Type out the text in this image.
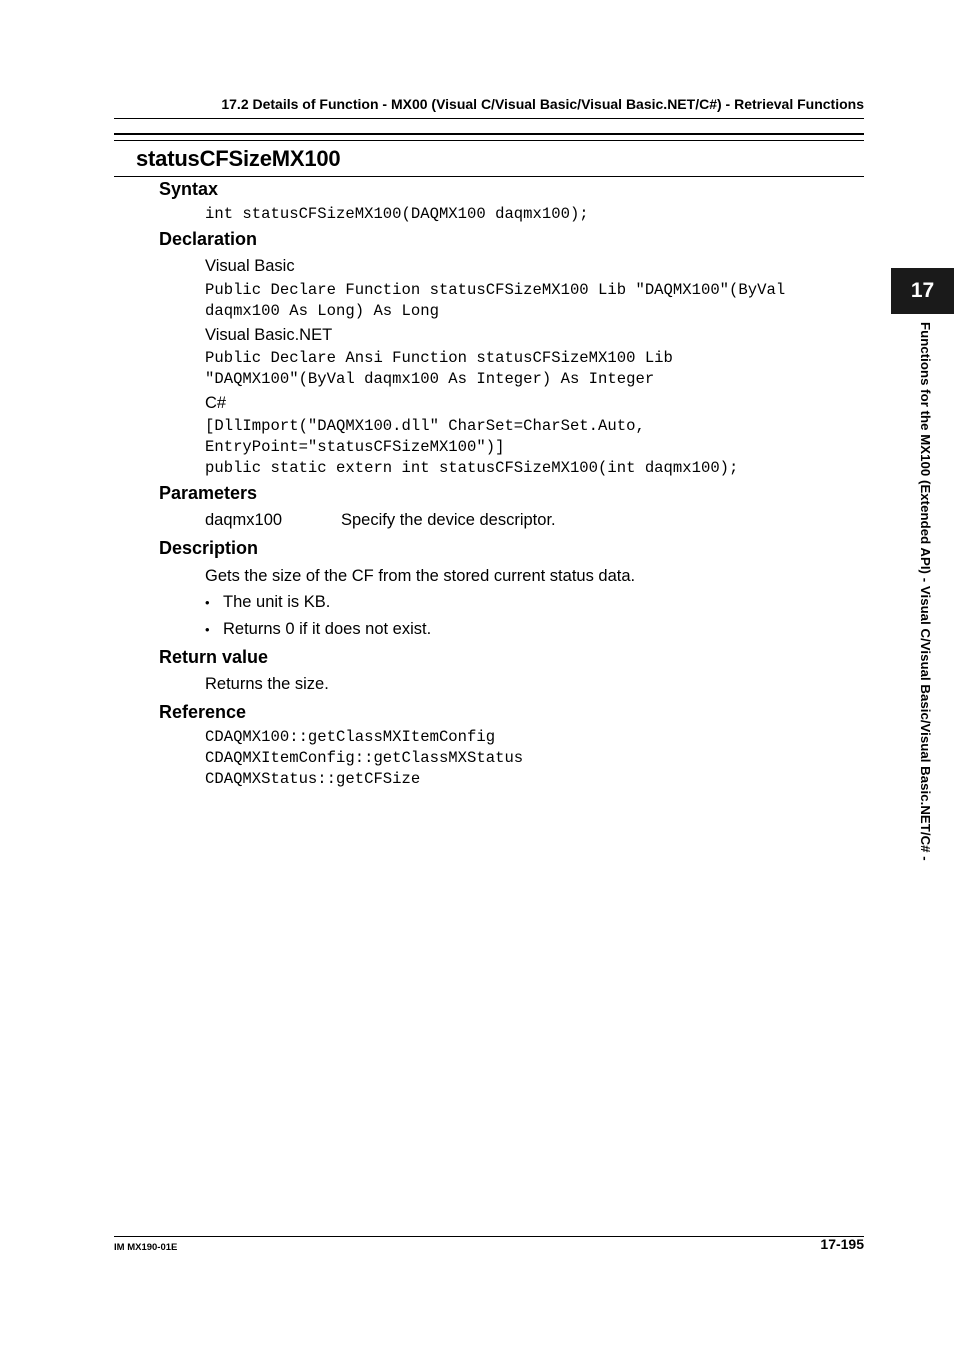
17.2 Details of Function - MX00 (Visual C/Visual Basic/Visual Basic.NET/C#) - Retrieval Functions
statusCFSizeMX100
Syntax
int statusCFSizeMX100(DAQMX100 daqmx100);
Declaration
Visual Basic
Public Declare Function statusCFSizeMX100 Lib "DAQMX100"(ByVal
daqmx100 As Long) As Long
Visual Basic.NET
Public Declare Ansi Function statusCFSizeMX100 Lib
"DAQMX100"(ByVal daqmx100 As Integer) As Integer
C#
[DllImport("DAQMX100.dll" CharSet=CharSet.Auto,
EntryPoint="statusCFSizeMX100")]
public static extern int statusCFSizeMX100(int daqmx100);
Parameters
daqmx100	Specify the device descriptor.
Description
Gets the size of the CF from the stored current status data.
• The unit is KB.
• Returns 0 if it does not exist.
Return value
Returns the size.
Reference
CDAQMX100::getClassMXItemConfig
CDAQMXItemConfig::getClassMXStatus
CDAQMXStatus::getCFSize
17
Functions for the MX100 (Extended API) - Visual C/Visual Basic/Visual Basic.NET/C# -
IM MX190-01E	17-195
